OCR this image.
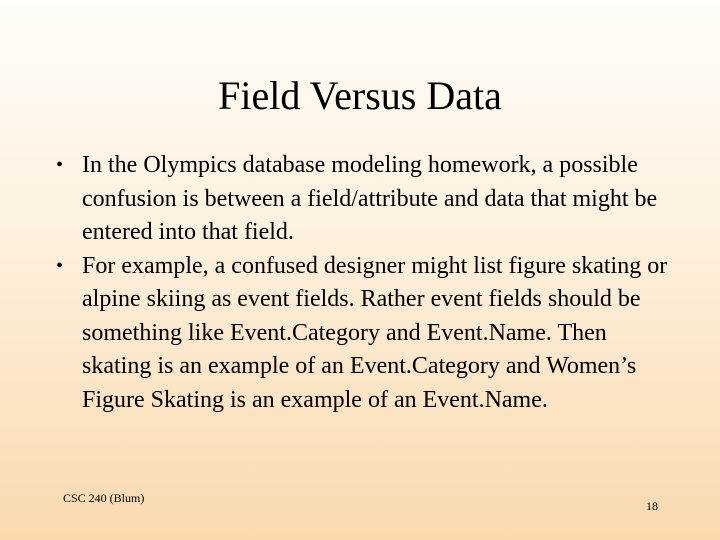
Field Versus Data
• In the Olympics database modeling homework, a possible confusion is between a field/attribute and data that might be entered into that field.
• For example, a confused designer might list figure skating or alpine skiing as event fields. Rather event fields should be something like Event.Category and Event.Name. Then skating is an example of an Event.Category and Women’s Figure Skating is an example of an Event.Name.
CSC 240 (Blum)
18
